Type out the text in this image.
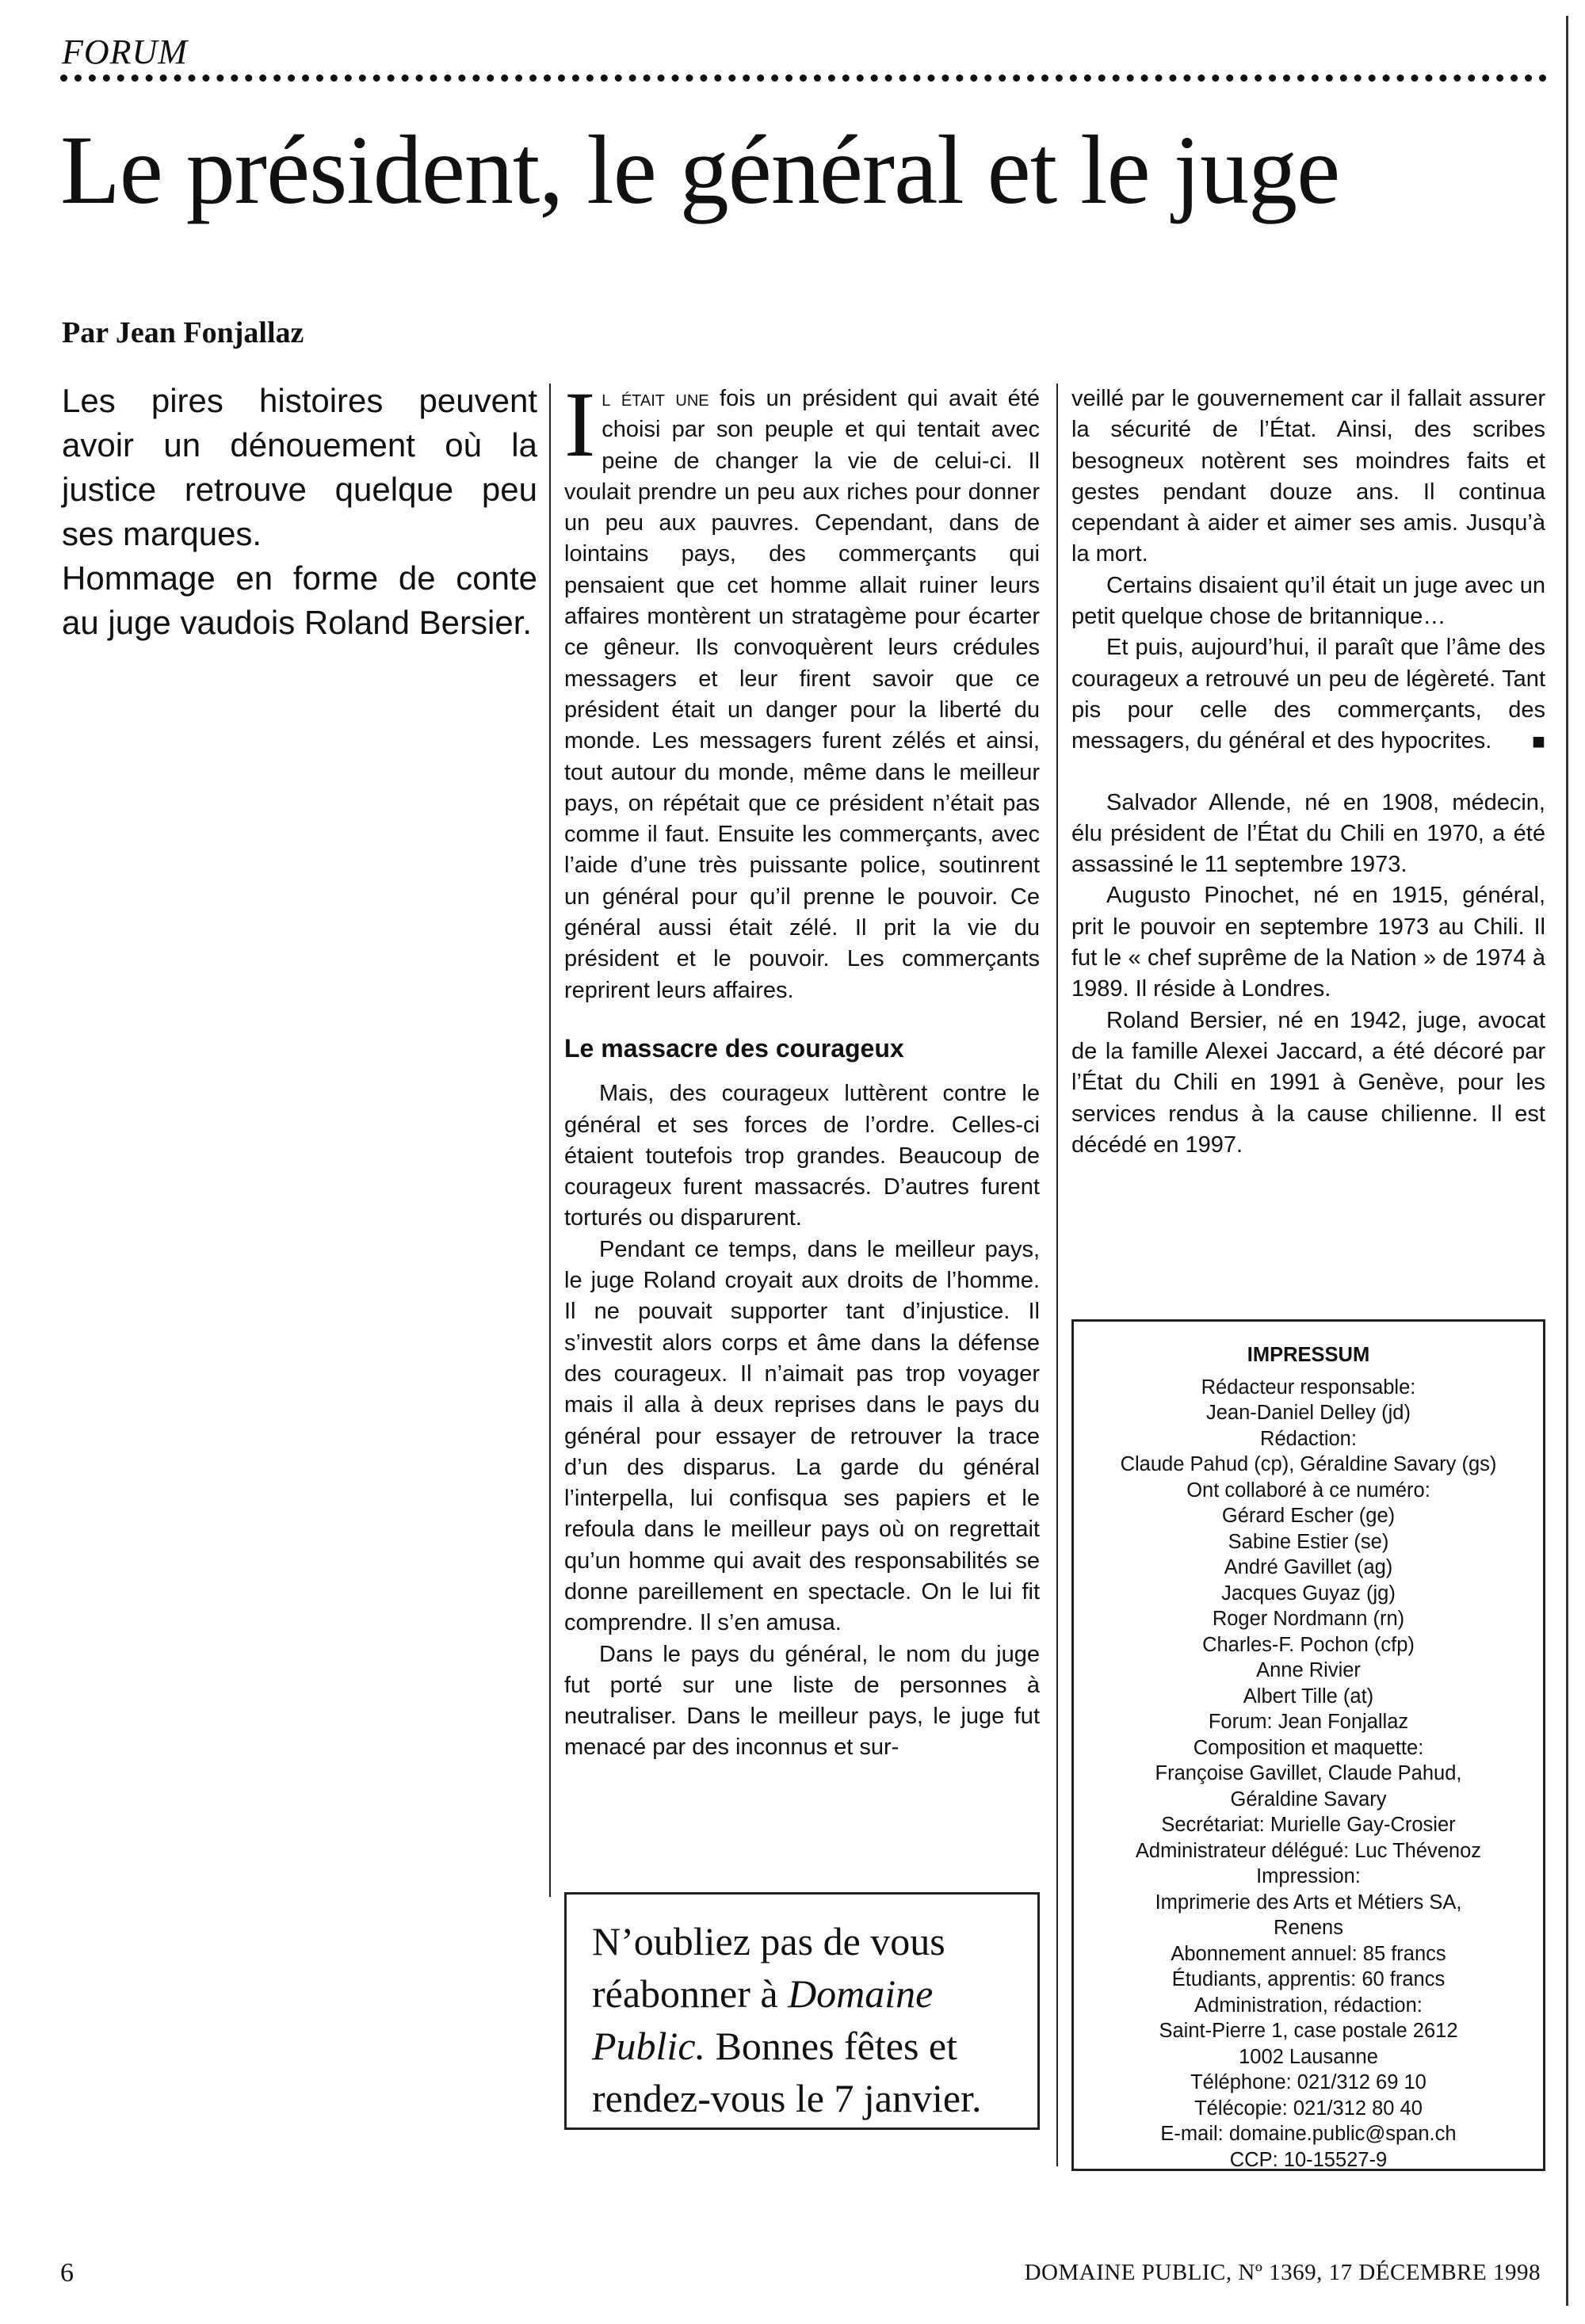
FORUM
Le président, le général et le juge
Par Jean Fonjallaz

Les pires histoires peuvent avoir un dénouement où la justice retrouve quelque peu ses marques.

Hommage en forme de conte au juge vaudois Roland Bersier.

Il était une fois un président qui avait été choisi par son peuple et qui tentait avec peine de changer la vie de celui-ci. Il voulait prendre un peu aux riches pour donner un peu aux pauvres. Cependant, dans de lointains pays, des commerçants qui pensaient que cet homme allait ruiner leurs affaires montèrent un stratagème pour écarter ce gêneur. Ils convoquèrent leurs crédules messagers et leur firent savoir que ce président était un danger pour la liberté du monde. Les messagers furent zélés et ainsi, tout autour du monde, même dans le meilleur pays, on répétait que ce président n’était pas comme il faut. Ensuite les commerçants, avec l’aide d’une très puissante police, soutinrent un général pour qu’il prenne le pouvoir. Ce général aussi était zélé. Il prit la vie du président et le pouvoir. Les commerçants reprirent leurs affaires.

Le massacre des courageux

Mais, des courageux luttèrent contre le général et ses forces de l’ordre. Celles-ci étaient toutefois trop grandes. Beaucoup de courageux furent massacrés. D’autres furent torturés ou disparurent.

Pendant ce temps, dans le meilleur pays, le juge Roland croyait aux droits de l’homme. Il ne pouvait supporter tant d’injustice. Il s’investit alors corps et âme dans la défense des courageux. Il n’aimait pas trop voyager mais il alla à deux reprises dans le pays du général pour essayer de retrouver la trace d’un des disparus. La garde du général l’interpella, lui confisqua ses papiers et le refoula dans le meilleur pays où on regrettait qu’un homme qui avait des responsabilités se donne pareillement en spectacle. On le lui fit comprendre. Il s’en amusa.

Dans le pays du général, le nom du juge fut porté sur une liste de personnes à neutraliser. Dans le meilleur pays, le juge fut menacé par des inconnus et sur-

veillé par le gouvernement car il fallait assurer la sécurité de l’État. Ainsi, des scribes besogneux notèrent ses moindres faits et gestes pendant douze ans. Il continua cependant à aider et aimer ses amis. Jusqu’à la mort.

Certains disaient qu’il était un juge avec un petit quelque chose de britannique…

Et puis, aujourd’hui, il paraît que l’âme des courageux a retrouvé un peu de légèreté. Tant pis pour celle des commerçants, des messagers, du général et des hypocrites.	■

Salvador Allende, né en 1908, médecin, élu président de l’État du Chili en 1970, a été assassiné le 11 septembre 1973.

Augusto Pinochet, né en 1915, général, prit le pouvoir en septembre 1973 au Chili. Il fut le « chef suprême de la Nation » de 1974 à 1989. Il réside à Londres.

Roland Bersier, né en 1942, juge, avocat de la famille Alexei Jaccard, a été décoré par l’État du Chili en 1991 à Genève, pour les services rendus à la cause chilienne. Il est décédé en 1997.

N’oubliez pas de vous réabonner à Domaine Public. Bonnes fêtes et rendez-vous le 7 janvier.
IMPRESSUM
Rédacteur responsable:
Jean-Daniel Delley (jd)
Rédaction:
Claude Pahud (cp), Géraldine Savary (gs)
Ont collaboré à ce numéro:
Gérard Escher (ge)
Sabine Estier (se)
André Gavillet (ag)
Jacques Guyaz (jg)
Roger Nordmann (rn)
Charles-F. Pochon (cfp)
Anne Rivier
Albert Tille (at)
Forum: Jean Fonjallaz
Composition et maquette:
Françoise Gavillet, Claude Pahud,
Géraldine Savary
Secrétariat: Murielle Gay-Crosier
Administrateur délégué: Luc Thévenoz
Impression:
Imprimerie des Arts et Métiers SA,
Renens
Abonnement annuel: 85 francs
Étudiants, apprentis: 60 francs
Administration, rédaction:
Saint-Pierre 1, case postale 2612
1002 Lausanne
Téléphone: 021/312 69 10
Télécopie: 021/312 80 40
E-mail: domaine.public@span.ch
CCP: 10-15527-9
6	DOMAINE PUBLIC, Nº 1369, 17 DÉCEMBRE 1998
